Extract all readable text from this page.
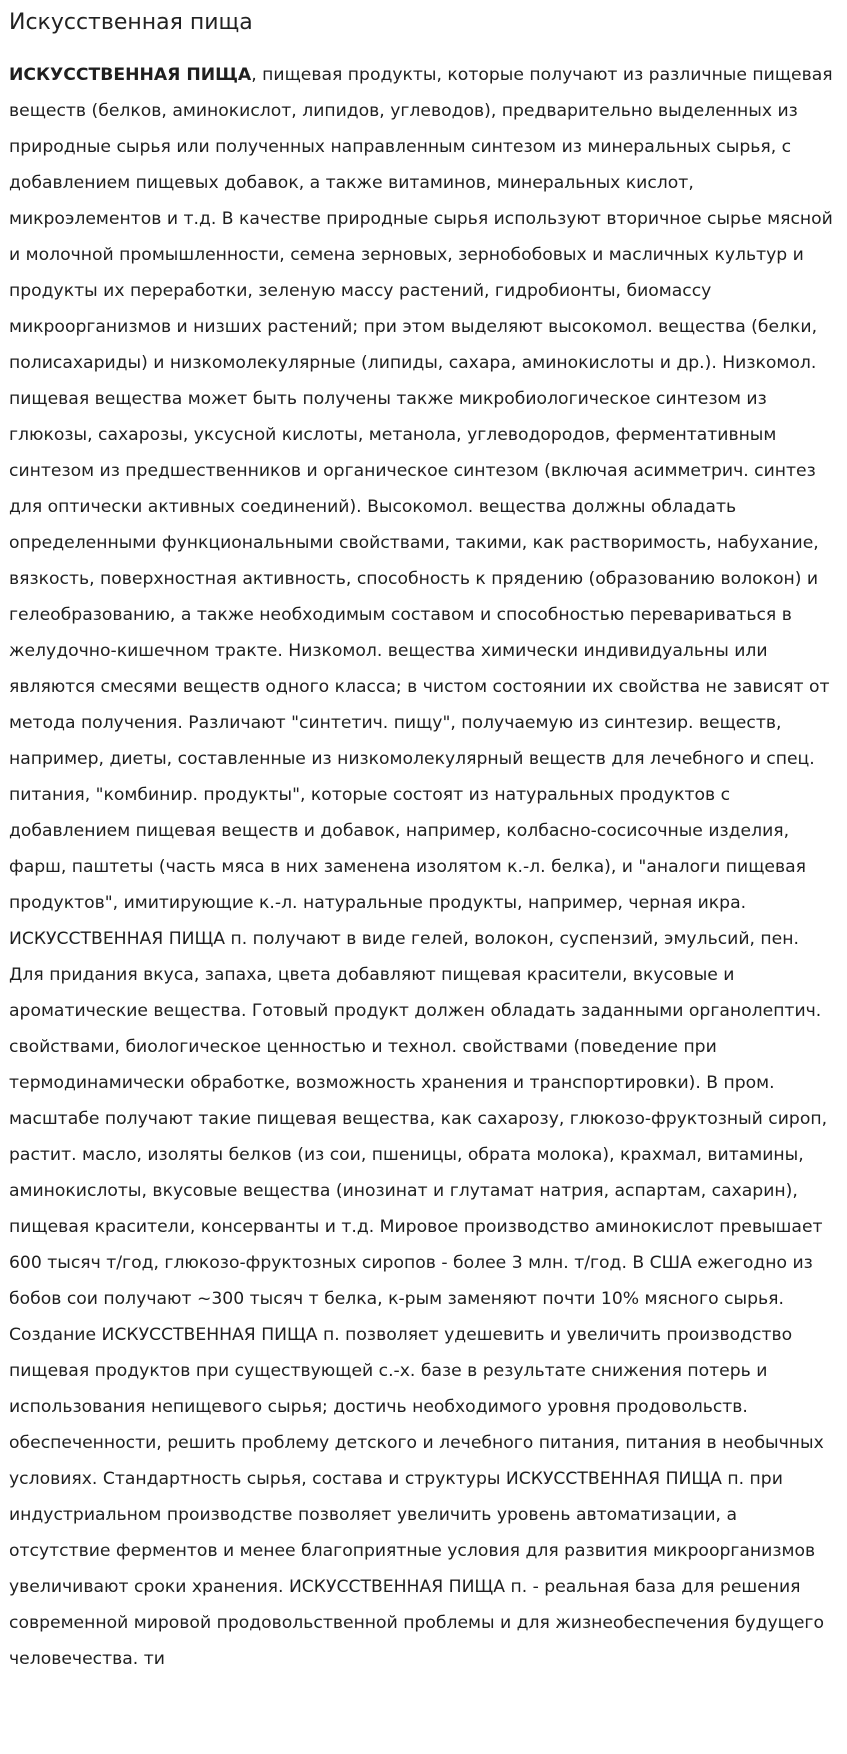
Искусственная пища

ИСКУССТВЕННАЯ ПИЩА, пищевая продукты, которые получают из различные пищевая веществ (белков, аминокислот, липидов, углеводов), предварительно выделенных из природные сырья или полученных направленным синтезом из минеральных сырья, с добавлением пищевых добавок, а также витаминов, минеральных кислот, микроэлементов и т.д. В качестве природные сырья используют вторичное сырье мясной и молочной промышленности, семена зерновых, зернобобовых и масличных культур и продукты их переработки, зеленую массу растений, гидробионты, биомассу микроорганизмов и низших растений; при этом выделяют высокомол. вещества (белки, полисахариды) и низкомолекулярные (липиды, сахара, аминокислоты и др.). Низкомол. пищевая вещества может быть получены также микробиологическое синтезом из глюкозы, сахарозы, уксусной кислоты, метанола, углеводородов, ферментативным синтезом из предшественников и органическое синтезом (включая асимметрич. синтез для оптически активных соединений). Высокомол. вещества должны обладать определенными функциональными свойствами, такими, как растворимость, набухание, вязкость, поверхностная активность, способность к прядению (образованию волокон) и гелеобразованию, а также необходимым составом и способностью перевариваться в желудочно-кишечном тракте. Низкомол. вещества химически индивидуальны или являются смесями веществ одного класса; в чистом состоянии их свойства не зависят от метода получения. Различают "синтетич. пищу", получаемую из синтезир. веществ, например, диеты, составленные из низкомолекулярный веществ для лечебного и спец. питания, "комбинир. продукты", которые состоят из натуральных продуктов с добавлением пищевая веществ и добавок, например, колбасно-сосисочные изделия, фарш, паштеты (часть мяса в них заменена изолятом к.-л. белка), и "аналоги пищевая продуктов", имитирующие к.-л. натуральные продукты, например, черная икра. ИСКУССТВЕННАЯ ПИЩА п. получают в виде гелей, волокон, суспензий, эмульсий, пен. Для придания вкуса, запаха, цвета добавляют пищевая красители, вкусовые и ароматические вещества. Готовый продукт должен обладать заданными органолептич. свойствами, биологическое ценностью и технол. свойствами (поведение при термодинамически обработке, возможность хранения и транспортировки). В пром. масштабе получают такие пищевая вещества, как сахарозу, глюкозо-фруктозный сироп, растит. масло, изоляты белков (из сои, пшеницы, обрата молока), крахмал, витамины, аминокислоты, вкусовые вещества (инозинат и глутамат натрия, аспартам, сахарин), пищевая красители, консерванты и т.д. Мировое производство аминокислот превышает 600 тысяч т/год, глюкозо-фруктозных сиропов - более 3 млн. т/год. В США ежегодно из бобов сои получают ~300 тысяч т белка, к-рым заменяют почти 10% мясного сырья. Создание ИСКУССТВЕННАЯ ПИЩА п. позволяет удешевить и увеличить производство пищевая продуктов при существующей с.-х. базе в результате снижения потерь и использования непищевого сырья; достичь необходимого уровня продовольств. обеспеченности, решить проблему детского и лечебного питания, питания в необычных условиях. Стандартность сырья, состава и структуры ИСКУССТВЕННАЯ ПИЩА п. при индустриальном производстве позволяет увеличить уровень автоматизации, а отсутствие ферментов и менее благоприятные условия для развития микроорганизмов увеличивают сроки хранения. ИСКУССТВЕННАЯ ПИЩА п. - реальная база для решения современной мировой продовольственной проблемы и для жизнеобеспечения будущего человечества. ти
